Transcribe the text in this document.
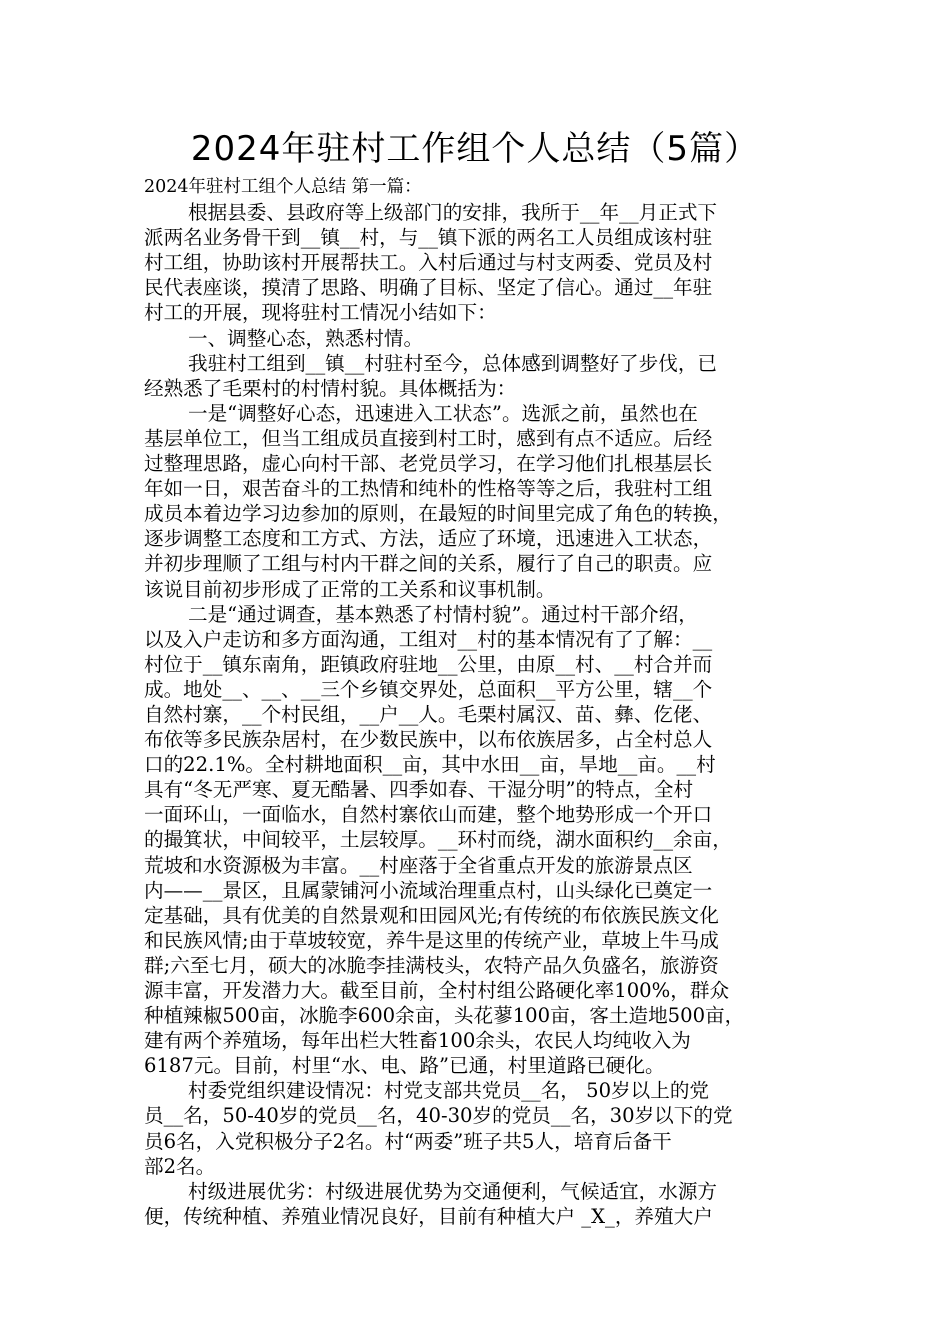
2024年驻村工作组个人总结（5篇）
2024年驻村工组个人总结 第一篇：
根据县委、县政府等上级部门的安排，我所于__年__月正式下
派两名业务骨干到__镇__村，与__镇下派的两名工人员组成该村驻
村工组，协助该村开展帮扶工。入村后通过与村支两委、党员及村
民代表座谈，摸清了思路、明确了目标、坚定了信心。通过__年驻
村工的开展，现将驻村工情况小结如下：
一、调整心态，熟悉村情。
我驻村工组到__镇__村驻村至今，总体感到调整好了步伐，已
经熟悉了毛栗村的村情村貌。具体概括为：
一是“调整好心态，迅速进入工状态”。选派之前，虽然也在
基层单位工，但当工组成员直接到村工时，感到有点不适应。后经
过整理思路，虚心向村干部、老党员学习，在学习他们扎根基层长
年如一日，艰苦奋斗的工热情和纯朴的性格等等之后，我驻村工组
成员本着边学习边参加的原则，在最短的时间里完成了角色的转换，
逐步调整工态度和工方式、方法，适应了环境，迅速进入工状态，
并初步理顺了工组与村内干群之间的关系，履行了自己的职责。应
该说目前初步形成了正常的工关系和议事机制。
二是“通过调查，基本熟悉了村情村貌”。通过村干部介绍，
以及入户走访和多方面沟通，工组对__村的基本情况有了了解：__
村位于__镇东南角，距镇政府驻地__公里，由原__村、__村合并而
成。地处__、__、__三个乡镇交界处，总面积__平方公里，辖__个
自然村寨，__个村民组，__户__人。毛栗村属汉、苗、彝、仡佬、
布依等多民族杂居村，在少数民族中，以布依族居多，占全村总人
口的22.1%。全村耕地面积__亩，其中水田__亩，旱地__亩。__村
具有“冬无严寒、夏无酷暑、四季如春、干湿分明”的特点，全村
一面环山，一面临水，自然村寨依山而建，整个地势形成一个开口
的撮箕状，中间较平，土层较厚。__环村而绕，湖水面积约__余亩，
荒坡和水资源极为丰富。__村座落于全省重点开发的旅游景点区
内——__景区，且属蒙铺河小流域治理重点村，山头绿化已奠定一
定基础，具有优美的自然景观和田园风光;有传统的布依族民族文化
和民族风情;由于草坡较宽，养牛是这里的传统产业，草坡上牛马成
群;六至七月，硕大的冰脆李挂满枝头，农特产品久负盛名，旅游资
源丰富，开发潜力大。截至目前，全村村组公路硬化率100%，群众
种植辣椒500亩，冰脆李600余亩，头花蓼100亩，客土造地500亩，
建有两个养殖场，每年出栏大牲畜100余头，农民人均纯收入为
6187元。目前，村里“水、电、路”已通，村里道路已硬化。
村委党组织建设情况：村党支部共党员__名， 50岁以上的党
员__名，50-40岁的党员__名，40-30岁的党员__名，30岁以下的党
员6名，入党积极分子2名。村“两委”班子共5人，培育后备干
部2名。
村级进展优劣：村级进展优势为交通便利，气候适宜，水源方
便，传统种植、养殖业情况良好，目前有种植大户 _X_，养殖大户
